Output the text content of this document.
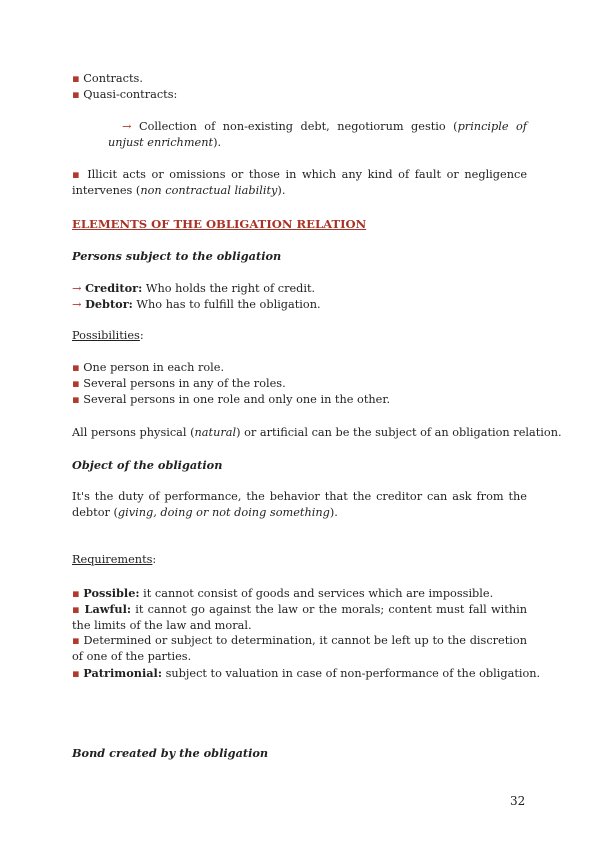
▪ Contracts.
▪ Quasi-contracts:
→ Collection of non-existing debt, negotiorum gestio (principle of unjust enrichment).
▪ Illicit acts or omissions or those in which any kind of fault or negligence intervenes (non contractual liability).
ELEMENTS OF THE OBLIGATION RELATION
Persons subject to the obligation
→ Creditor: Who holds the right of credit.
→ Debtor: Who has to fulfill the obligation.
Possibilities:
▪ One person in each role.
▪ Several persons in any of the roles.
▪ Several persons in one role and only one in the other.
All persons physical (natural) or artificial can be the subject of an obligation relation.
Object of the obligation
It's the duty of performance, the behavior that the creditor can ask from the debtor (giving, doing or not doing something).
Requirements:
▪ Possible: it cannot consist of goods and services which are impossible.
▪ Lawful: it cannot go against the law or the morals; content must fall within the limits of the law and moral.
▪ Determined or subject to determination, it cannot be left up to the discretion of one of the parties.
▪ Patrimonial: subject to valuation in case of non-performance of the obligation.
Bond created by the obligation
32
